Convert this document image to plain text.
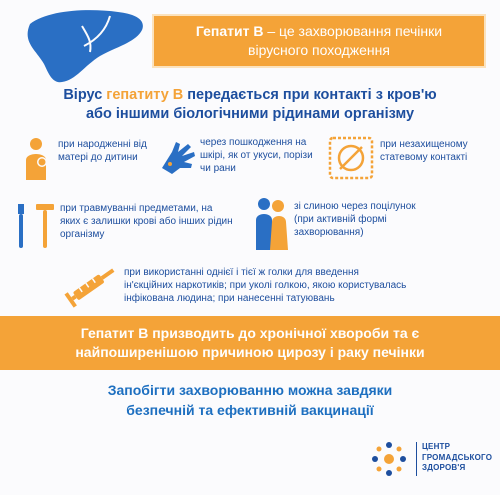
Гепатит В – це захворювання печінки
вірусного походження
Вірус гепатиту В передається при контакті з кров'ю
або іншими біологічними рідинами організму
при народженні від матері до дитини
через пошкодження на шкірі, як от укуси, порізи чи рани
при незахищеному статевому контакті
при травмуванні предметами, на яких є залишки крові або інших рідин організму
зі слиною через поцілунок (при активній формі захворювання)
при використанні однієї і тієї ж голки для введення
ін'єкційних наркотиків; при уколі голкою, якою користувалась
інфікована людина; при нанесенні татуювань
Гепатит В призводить до хронічної хвороби та є
найпоширенішою причиною цирозу і раку печінки
Запобігти захворюванню можна завдяки
безпечній та ефективній вакцинації
ЦЕНТР
ГРОМАДСЬКОГО
ЗДОРОВ'Я
